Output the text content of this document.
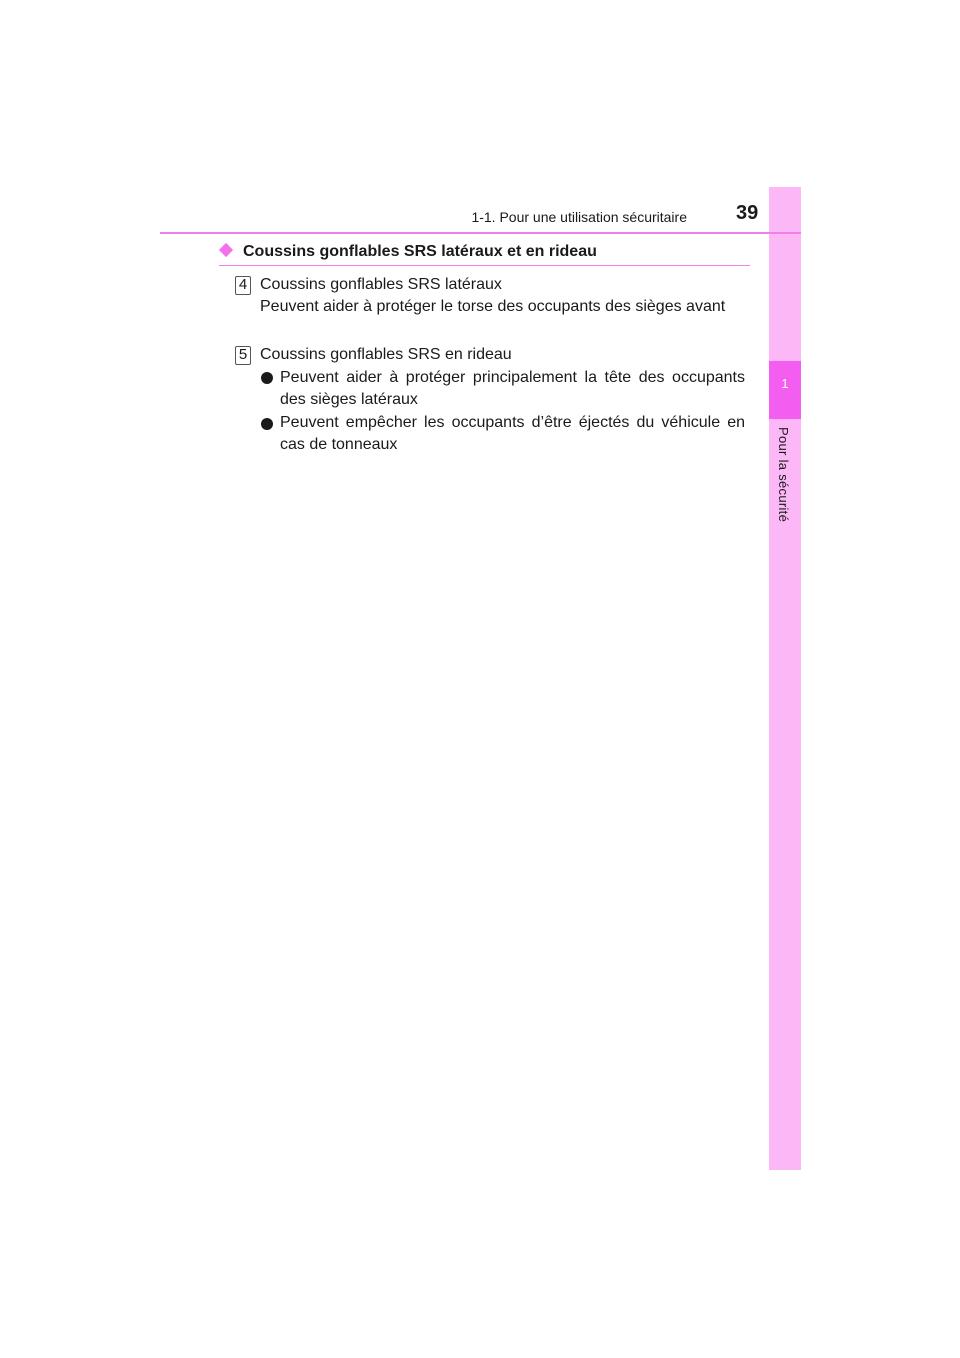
1
Pour la sécurité
1-1. Pour une utilisation sécuritaire 39
Coussins gonflables SRS latéraux et en rideau
4 Coussins gonflables SRS latéraux
Peuvent aider à protéger le torse des occupants des sièges avant
5 Coussins gonflables SRS en rideau
Peuvent aider à protéger principalement la tête des occupants des sièges latéraux
Peuvent empêcher les occupants d’être éjectés du véhicule en cas de tonneaux
